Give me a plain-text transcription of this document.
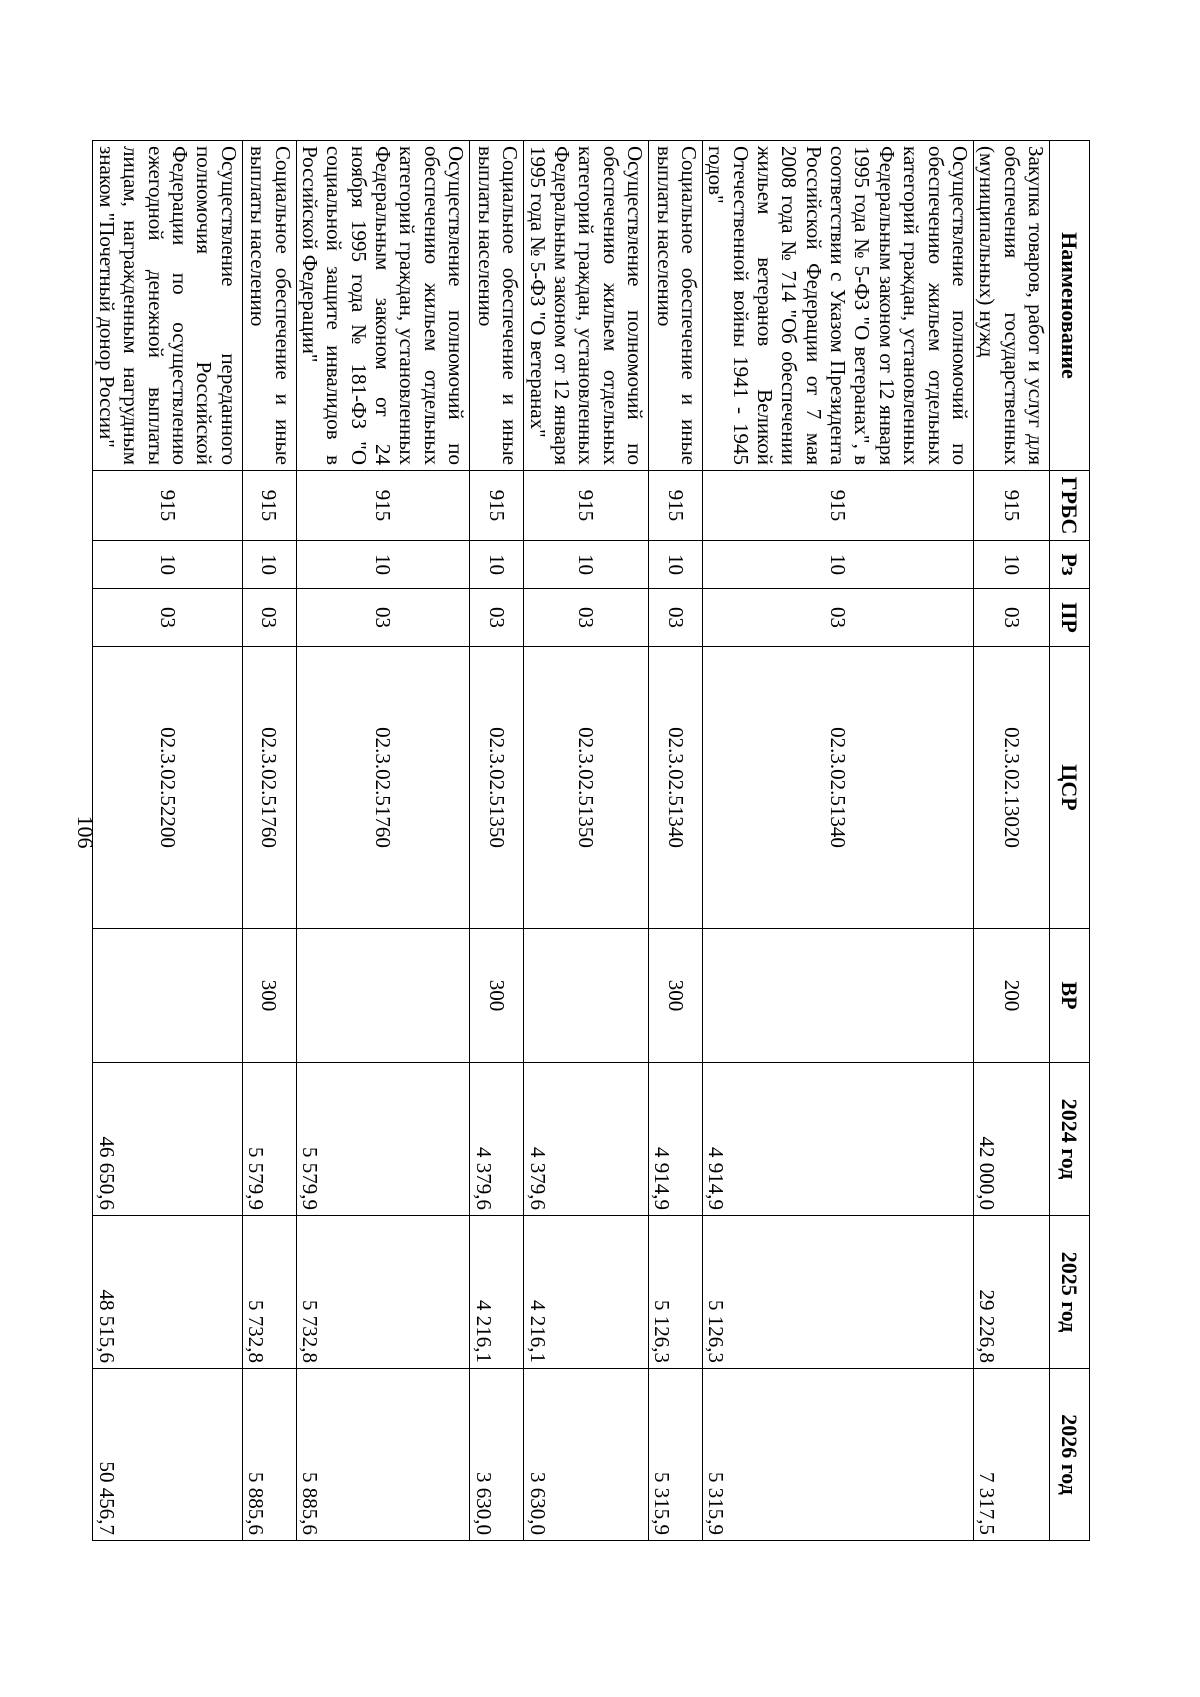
106
Наименование	ГРБС	Рз	ПР	ЦСР	ВР	2024 год	2025 год	2026 год
Закупка товаров, работ и услуг для обеспечения государственных (муниципальных) нужд	915	10	03	02.3.02.13020	200	42 000,0	29 226,8	7 317,5
Осуществление полномочий по обеспечению жильем отдельных категорий граждан, установленных Федеральным законом от 12 января 1995 года № 5-ФЗ "О ветеранах", в соответствии с Указом Президента Российской Федерации от 7 мая 2008 года № 714 "Об обеспечении жильем ветеранов Великой Отечественной войны 1941 - 1945 годов"	915	10	03	02.3.02.51340		4 914,9	5 126,3	5 315,9
Социальное обеспечение и иные выплаты населению	915	10	03	02.3.02.51340	300	4 914,9	5 126,3	5 315,9
Осуществление полномочий по обеспечению жильем отдельных категорий граждан, установленных Федеральным законом от 12 января 1995 года № 5-ФЗ "О ветеранах"	915	10	03	02.3.02.51350		4 379,6	4 216,1	3 630,0
Социальное обеспечение и иные выплаты населению	915	10	03	02.3.02.51350	300	4 379,6	4 216,1	3 630,0
Осуществление полномочий по обеспечению жильем отдельных категорий граждан, установленных Федеральным законом от 24 ноября 1995 года № 181-ФЗ "О социальной защите инвалидов в Российской Федерации"	915	10	03	02.3.02.51760		5 579,9	5 732,8	5 885,6
Социальное обеспечение и иные выплаты населению	915	10	03	02.3.02.51760	300	5 579,9	5 732,8	5 885,6
Осуществление переданного полномочия Российской Федерации по осуществлению ежегодной денежной выплаты лицам, награжденным нагрудным знаком "Почетный донор России"	915	10	03	02.3.02.52200		46 650,6	48 515,6	50 456,7
